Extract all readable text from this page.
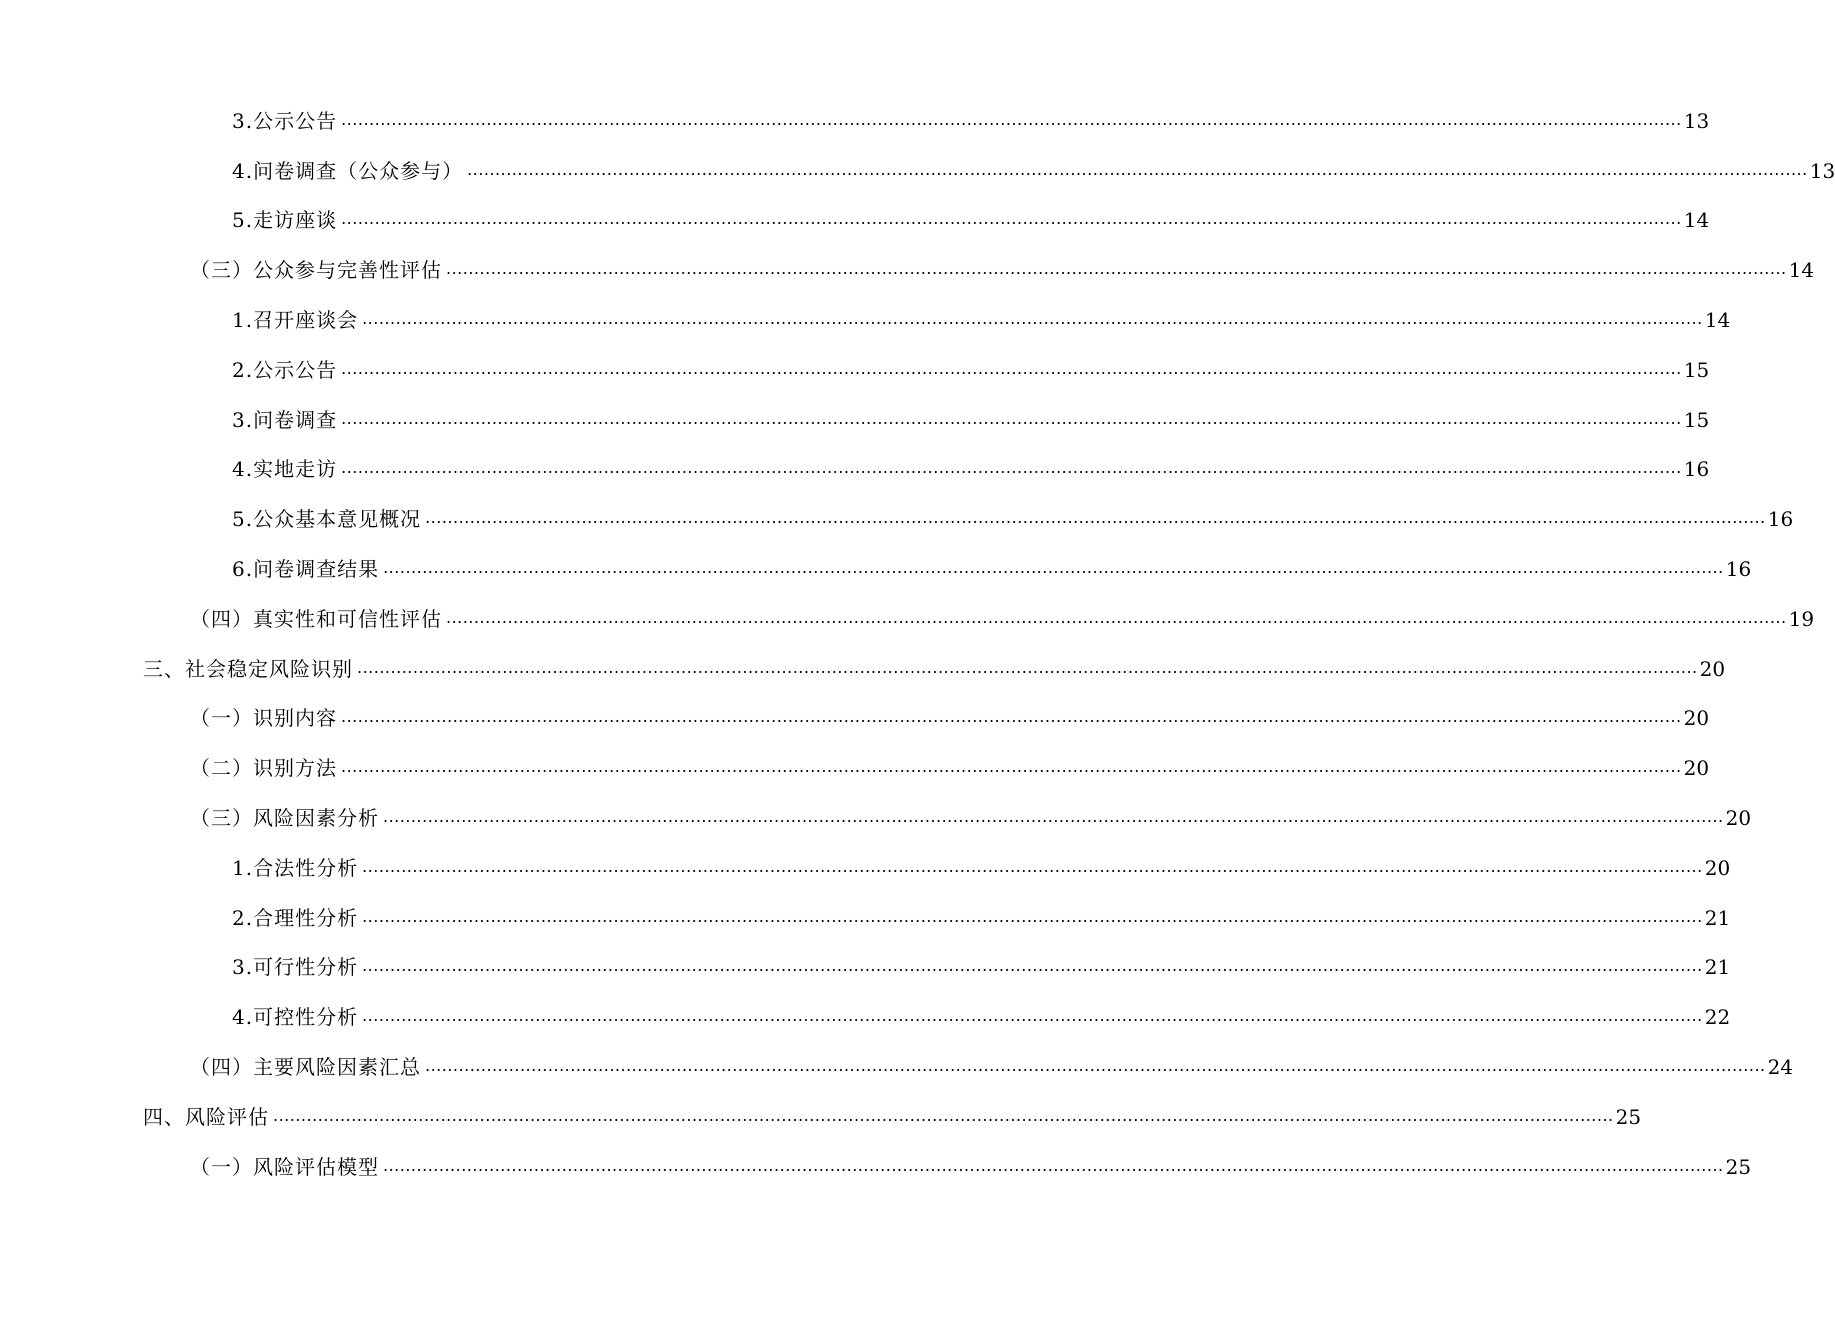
3.公示公告 ................................................................................................................................................................................................................................................ 13
4.问卷调查（公众参与） ................................................................................................................................................................................................................................................ 13
5.走访座谈 ................................................................................................................................................................................................................................................ 14
（三）公众参与完善性评估 ................................................................................................................................................................................................................................................ 14
1.召开座谈会 ................................................................................................................................................................................................................................................ 14
2.公示公告 ................................................................................................................................................................................................................................................ 15
3.问卷调查 ................................................................................................................................................................................................................................................ 15
4.实地走访 ................................................................................................................................................................................................................................................ 16
5.公众基本意见概况 ................................................................................................................................................................................................................................................ 16
6.问卷调查结果 ................................................................................................................................................................................................................................................ 16
（四）真实性和可信性评估 ................................................................................................................................................................................................................................................ 19
三、社会稳定风险识别 ................................................................................................................................................................................................................................................ 20
（一）识别内容 ................................................................................................................................................................................................................................................ 20
（二）识别方法 ................................................................................................................................................................................................................................................ 20
（三）风险因素分析 ................................................................................................................................................................................................................................................ 20
1.合法性分析 ................................................................................................................................................................................................................................................ 20
2.合理性分析 ................................................................................................................................................................................................................................................ 21
3.可行性分析 ................................................................................................................................................................................................................................................ 21
4.可控性分析 ................................................................................................................................................................................................................................................ 22
（四）主要风险因素汇总 ................................................................................................................................................................................................................................................ 24
四、风险评估 ................................................................................................................................................................................................................................................ 25
（一）风险评估模型 ................................................................................................................................................................................................................................................ 25
